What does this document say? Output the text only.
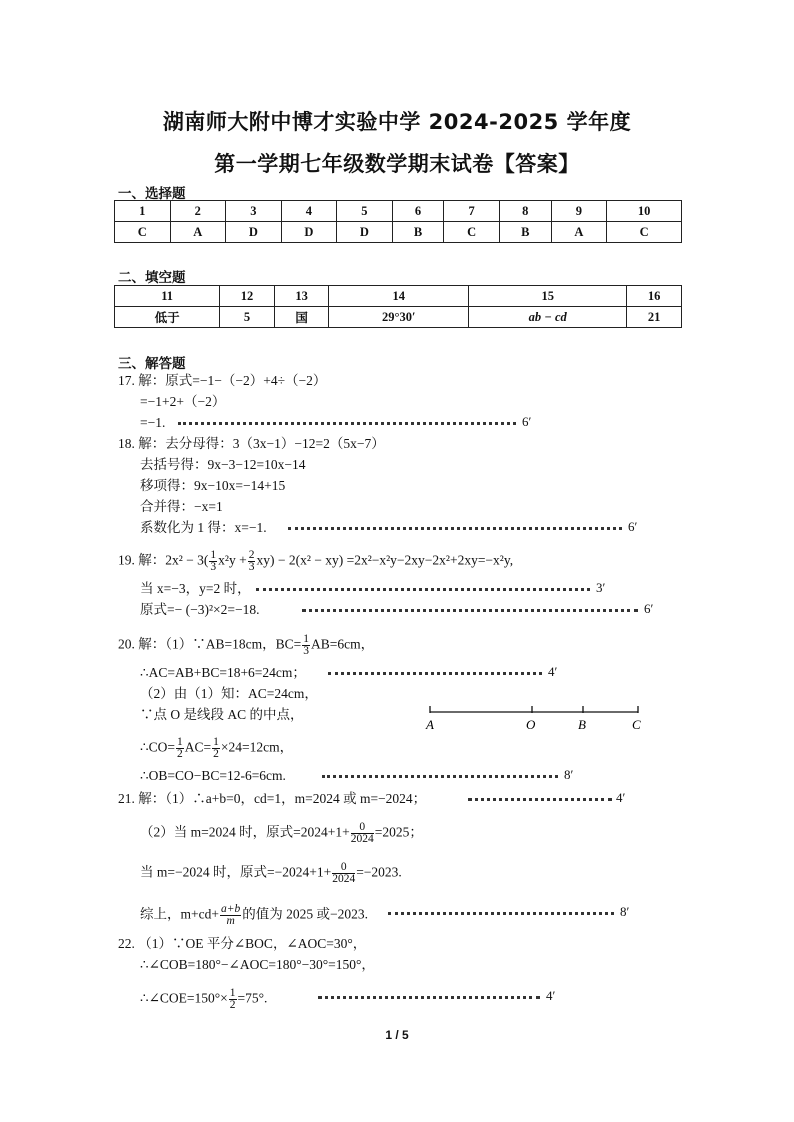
湖南师大附中博才实验中学 2024-2025 学年度
第一学期七年级数学期末试卷【答案】
一、选择题
1	2	3	4	5	6	7	8	9	10
C	A	D	D	D	B	C	B	A	C
二、填空题
11	12	13	14	15	16
低于	5	国	29°30′	ab − cd	21
三、解答题
17. 解：原式=−1−（−2）+4÷（−2）
=−1+2+（−2）
=−1.	6′
18. 解：去分母得：3（3x−1）−12=2（5x−7）
去括号得：9x−3−12=10x−14
移项得：9x−10x=−14+15
合并得：−x=1
系数化为 1 得：x=−1.	6′
19. 解：$2x^2 - 3( \frac{1}{3} x^2y + \frac{2}{3} xy) - 2(x^2 - xy) =2x^2-x^2y-2xy-2x^2+2xy=-x^2y$,
当 x=−3，y=2 时，	3′
原式=− (−3)²×2=−18.	6′
20. 解：（1）∵AB=18cm，$BC= \frac{1}{3} AB=6cm$，
∴AC=AB+BC=18+6=24cm；	4′
（2）由（1）知：AC=24cm，
∵点 O 是线段 AC 的中点，
A	O	B	C
∴CO= $\frac{1}{2} AC= \frac{1}{2} \times 24=12cm$，
∴OB=CO−BC=12-6=6cm.	8′
21. 解：（1）∴a+b=0，cd=1，m=2024 或 m=−2024；	4′
（2）当 m=2024 时，原式$=2024+1+ \frac{0}{2024} =2025$；
当 m=−2024 时，原式$=-2024+1+ \frac{0}{2024} =-2023$.
综上，$m+cd+ \frac{a+b}{m}$ 的值为 2025 或−2023.	8′
22. （1）∵OE 平分∠BOC，∠AOC=30°，
∴∠COB=180°−∠AOC=180°−30°=150°，
∴∠COE=150°× $\frac{1}{2} =75^\circ$.	4′
1 / 5
